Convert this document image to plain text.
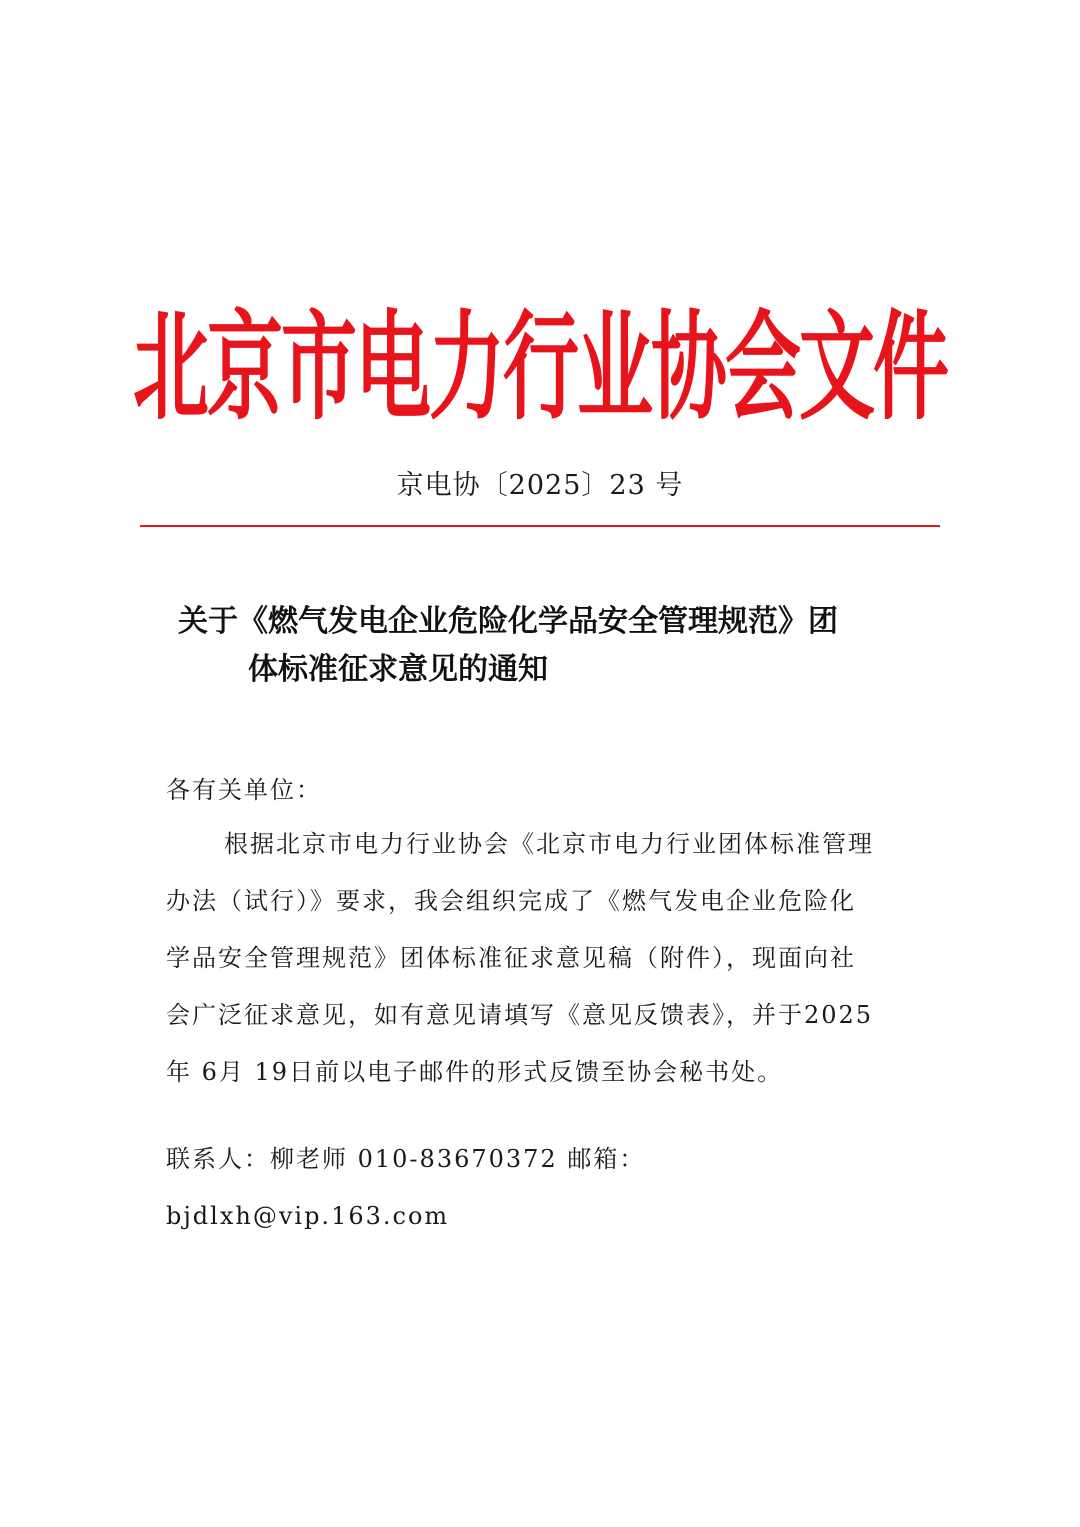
北京市电力行业协会文件
京电协〔2025〕23 号
关于《燃气发电企业危险化学品安全管理规范》团
体标准征求意见的通知
各有关单位：
根据北京市电力行业协会《北京市电力行业团体标准管理
办法（试行）》要求，我会组织完成了《燃气发电企业危险化
学品安全管理规范》团体标准征求意见稿（附件），现面向社
会广泛征求意见，如有意见请填写《意见反馈表》，并于2025
年 6月 19日前以电子邮件的形式反馈至协会秘书处。
联系人：柳老师 010-83670372 邮箱：bjdlxh@vip.163.com
